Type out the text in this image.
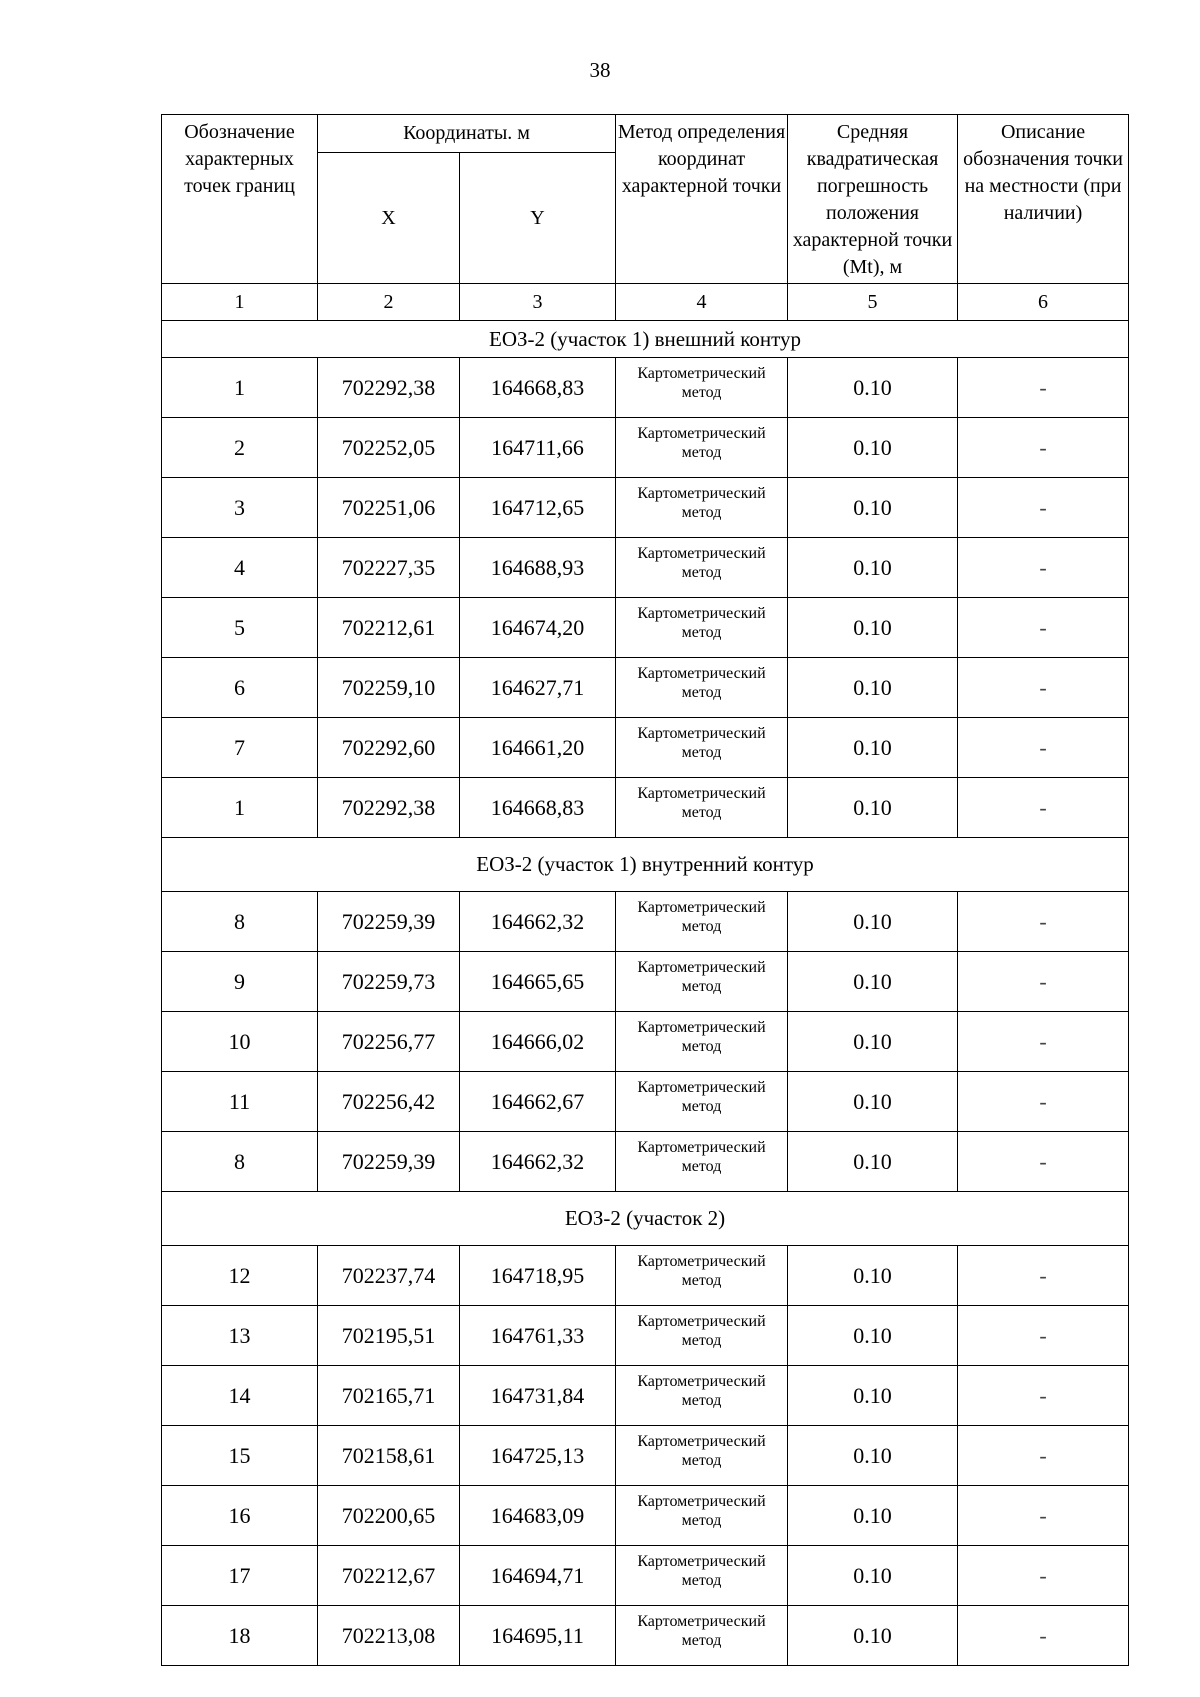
38
Обозначение характерных точек границ	Координаты. м		Метод определения координат характерной точки	Средняя квадратическая погрешность положения характерной точки (Mt), м	Описание обозначения точки на местности (при наличии)
	X	Y			
1	2	3	4	5	6
ЕОЗ-2 (участок 1) внешний контур					
1	702292,38	164668,83	Картометрический метод	0.10	-
2	702252,05	164711,66	Картометрический метод	0.10	-
3	702251,06	164712,65	Картометрический метод	0.10	-
4	702227,35	164688,93	Картометрический метод	0.10	-
5	702212,61	164674,20	Картометрический метод	0.10	-
6	702259,10	164627,71	Картометрический метод	0.10	-
7	702292,60	164661,20	Картометрический метод	0.10	-
1	702292,38	164668,83	Картометрический метод	0.10	-
ЕОЗ-2 (участок 1) внутренний контур					
8	702259,39	164662,32	Картометрический метод	0.10	-
9	702259,73	164665,65	Картометрический метод	0.10	-
10	702256,77	164666,02	Картометрический метод	0.10	-
11	702256,42	164662,67	Картометрический метод	0.10	-
8	702259,39	164662,32	Картометрический метод	0.10	-
ЕОЗ-2 (участок 2)					
12	702237,74	164718,95	Картометрический метод	0.10	-
13	702195,51	164761,33	Картометрический метод	0.10	-
14	702165,71	164731,84	Картометрический метод	0.10	-
15	702158,61	164725,13	Картометрический метод	0.10	-
16	702200,65	164683,09	Картометрический метод	0.10	-
17	702212,67	164694,71	Картометрический метод	0.10	-
18	702213,08	164695,11	Картометрический метод	0.10	-
